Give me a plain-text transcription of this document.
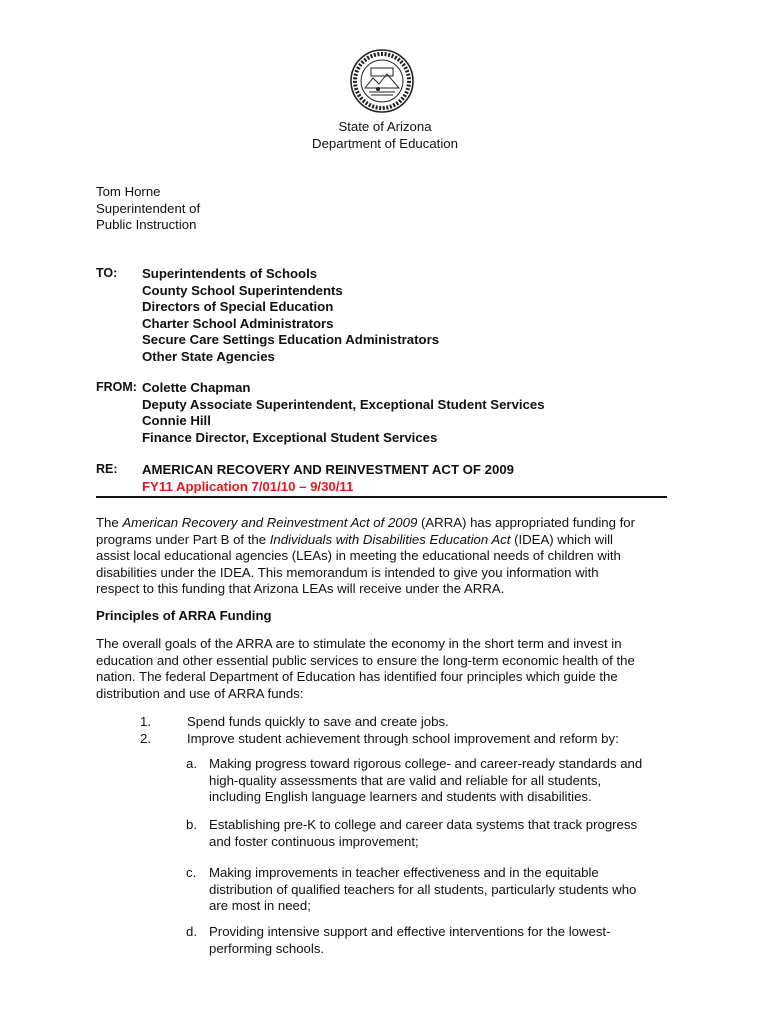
State of Arizona
Department of Education
Tom Horne
Superintendent of
Public Instruction
TO: Superintendents of Schools
County School Superintendents
Directors of Special Education
Charter School Administrators
Secure Care Settings Education Administrators
Other State Agencies
FROM: Colette Chapman
Deputy Associate Superintendent, Exceptional Student Services
Connie Hill
Finance Director, Exceptional Student Services
RE: AMERICAN RECOVERY AND REINVESTMENT ACT OF 2009
FY11 Application 7/01/10 – 9/30/11
The American Recovery and Reinvestment Act of 2009 (ARRA) has appropriated funding for
programs under Part B of the Individuals with Disabilities Education Act (IDEA) which will
assist local educational agencies (LEAs) in meeting the educational needs of children with
disabilities under the IDEA. This memorandum is intended to give you information with
respect to this funding that Arizona LEAs will receive under the ARRA.
Principles of ARRA Funding
The overall goals of the ARRA are to stimulate the economy in the short term and invest in
education and other essential public services to ensure the long-term economic health of the
nation. The federal Department of Education has identified four principles which guide the
distribution and use of ARRA funds:
1.	Spend funds quickly to save and create jobs.
2.	Improve student achievement through school improvement and reform by:
a. Making progress toward rigorous college- and career-ready standards and
high-quality assessments that are valid and reliable for all students,
including English language learners and students with disabilities.
b. Establishing pre-K to college and career data systems that track progress
and foster continuous improvement;
c. Making improvements in teacher effectiveness and in the equitable
distribution of qualified teachers for all students, particularly students who
are most in need;
d. Providing intensive support and effective interventions for the lowest-
performing schools.
